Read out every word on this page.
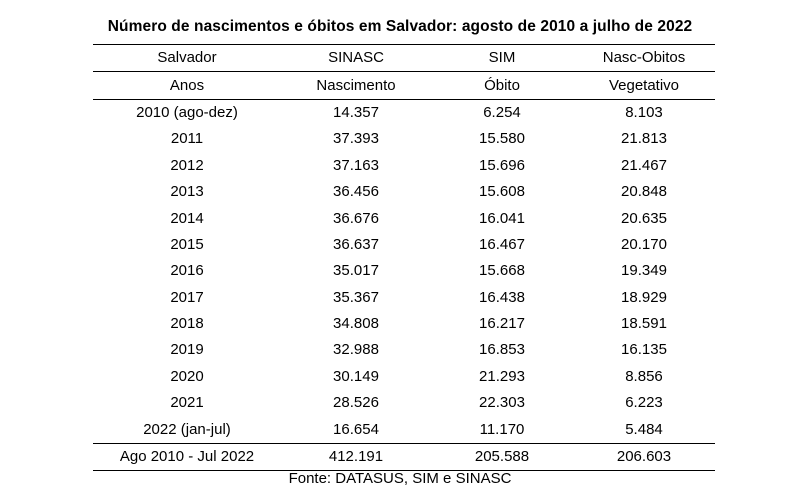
Número de nascimentos e óbitos em Salvador: agosto de 2010 a julho de 2022
Salvador	SINASC	SIM	Nasc-Obitos
Anos	Nascimento	Óbito	Vegetativo
2010 (ago-dez)	14.357	6.254	8.103
2011	37.393	15.580	21.813
2012	37.163	15.696	21.467
2013	36.456	15.608	20.848
2014	36.676	16.041	20.635
2015	36.637	16.467	20.170
2016	35.017	15.668	19.349
2017	35.367	16.438	18.929
2018	34.808	16.217	18.591
2019	32.988	16.853	16.135
2020	30.149	21.293	8.856
2021	28.526	22.303	6.223
2022 (jan-jul)	16.654	11.170	5.484
Ago 2010 - Jul 2022	412.191	205.588	206.603
Fonte: DATASUS, SIM e SINASC
